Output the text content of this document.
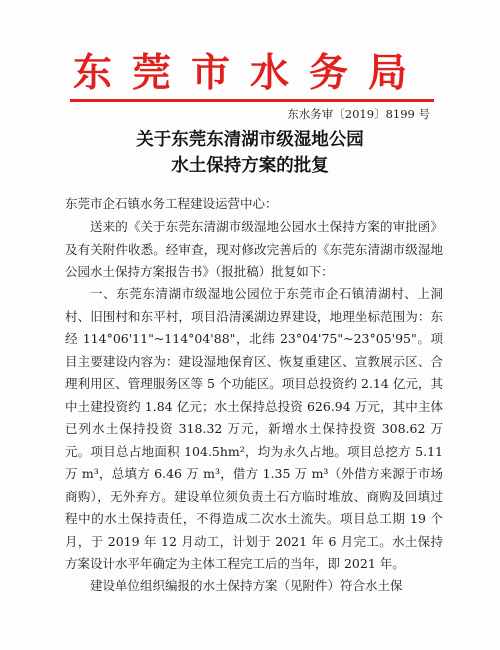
东莞市水务局
东水务审〔2019〕8199 号
关于东莞东清湖市级湿地公园
水土保持方案的批复
东莞市企石镇水务工程建设运营中心：

送来的《关于东莞东清湖市级湿地公园水土保持方案的审批函》及有关附件收悉。经审查，现对修改完善后的《东莞东清湖市级湿地公园水土保持方案报告书》（报批稿）批复如下：

一、东莞东清湖市级湿地公园位于东莞市企石镇清湖村、上洞村、旧围村和东平村，项目沿清溪湖边界建设，地理坐标范围为：东经 114°06'11"~114°04'88"，北纬 23°04'75"~23°05'95"。项目主要建设内容为：建设湿地保育区、恢复重建区、宣教展示区、合理利用区、管理服务区等 5 个功能区。项目总投资约 2.14 亿元，其中土建投资约 1.84 亿元；水土保持总投资 626.94 万元，其中主体已列水土保持投资 318.32 万元，新增水土保持投资 308.62 万元。项目总占地面积 104.5hm²，均为永久占地。项目总挖方 5.11 万 m³，总填方 6.46 万 m³，借方 1.35 万 m³（外借方来源于市场商购），无外弃方。建设单位须负责土石方临时堆放、商购及回填过程中的水土保持责任，不得造成二次水土流失。项目总工期 19 个月，于 2019 年 12 月动工，计划于 2021 年 6 月完工。水土保持方案设计水平年确定为主体工程完工后的当年，即 2021 年。

建设单位组织编报的水土保持方案（见附件）符合水土保
